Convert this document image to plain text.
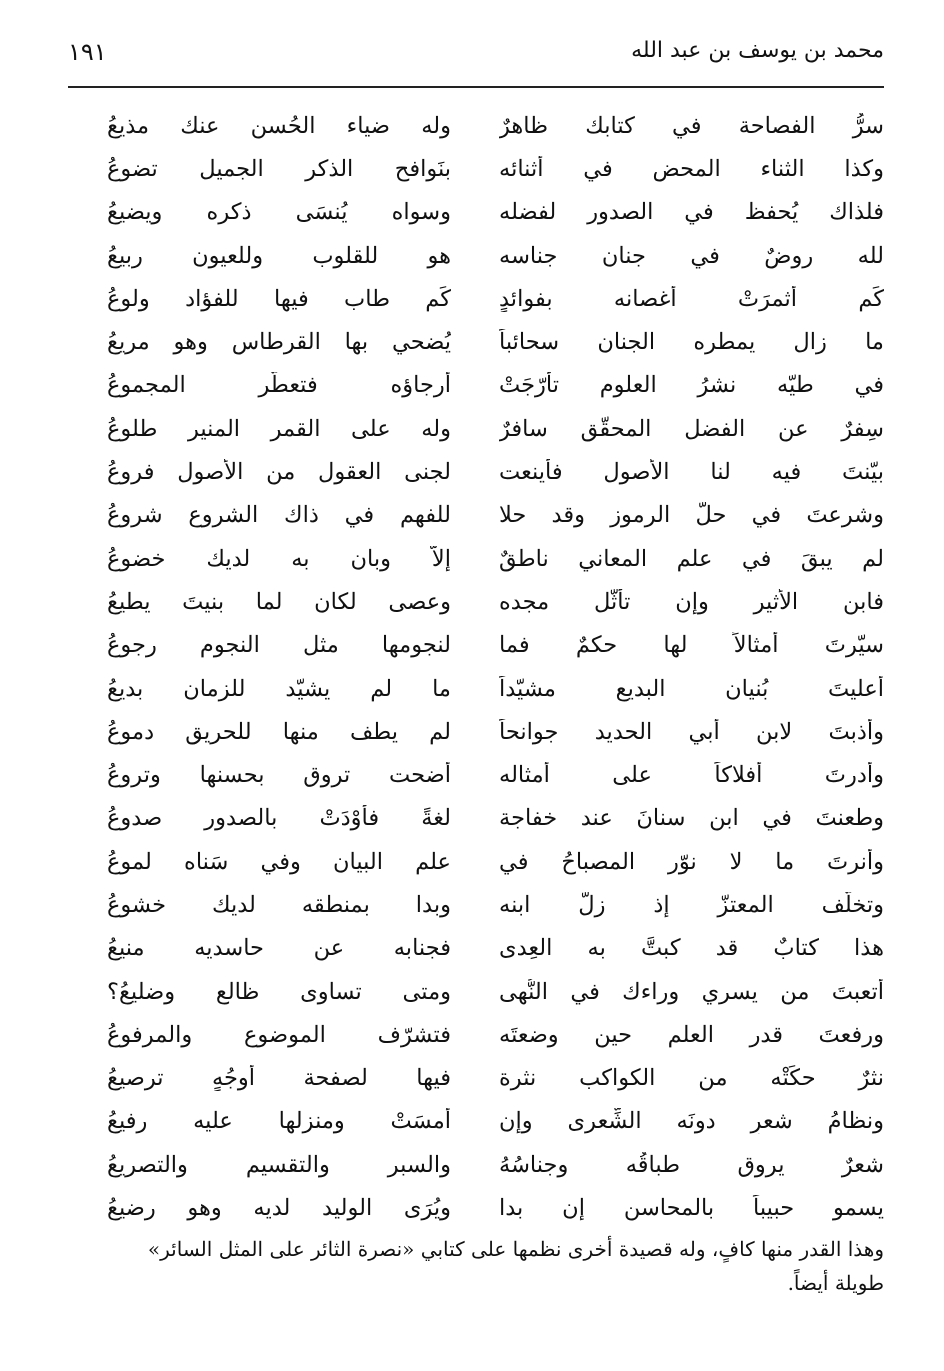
محمد بن يوسف بن عبد الله
١٩١
سرُّ الفصاحة في كتابك ظاهرٌ
وله ضياء الحُسن عنك مذيعُ
وكذا الثناء المحض في أثنائه
بنَوافح الذكر الجميل تضوعُ
فلذاك يُحفظ في الصدور لفضله
وسواه يُنسَى ذكره ويضيعُ
لله روضٌ في جنان جناسه
هو للقلوب وللعيون ربيعُ
كَم أثمرَتْ أغصانه بفوائدٍ
كَم طاب فيها للفؤاد ولوعُ
ما زال يمطره الجنان سحائباً
يُضحي بها القرطاس وهو مريعُ
في طيّه نشرُ العلوم تأرّجَتْ
أرجاؤه فتعطّر المجموعُ
سِفرٌ عن الفضل المحقّق سافرٌ
وله على القمر المنير طلوعُ
بيّنتَ فيه لنا الأصول فأينعت
لجنى العقول من الأصول فروعُ
وشرعتَ في حلّ الرموز وقد حلا
للفهم في ذاك الشروع شروعُ
لم يبقَ في علم المعاني ناطقٌ
إلاّ وبان به لديك خضوعُ
فابن الأثير وإن تأثّل مجده
وعصى لكان لما بنيتَ يطيعُ
سيّرتَ أمثالاً لها حكمٌ فما
لنجومها مثل النجوم رجوعُ
أعليتَ بُنيان البديع مشيّداً
ما لم يشيّد للزمان بديعُ
وأذبتَ لابن أبي الحديد جوانحاً
لم يطف منها للحريق دموعُ
وأدرتَ أفلاكاً على أمثاله
أضحت تروق بحسنها وتروعُ
وطعنتَ في ابن سنانَ عند خفاجة
لغةً فأوْدَتْ بالصدور صدوعُ
وأنرتَ ما لا نوّر المصباحُ في
علم البيان وفي سَناه لموعُ
وتخلّف المعتزّ إذ زلّ ابنه
وبدا بمنطقه لديك خشوعُ
هذا كتابٌ قد كبتَّ به العِدى
فجنابه عن حاسديه منيعُ
أتعبتَ من يسري وراءك في النُّهى
ومتى تساوى ظالع وضليعُ؟
ورفعتَ قدر العلم حين وضعتَه
فتشرّف الموضوع والمرفوعُ
نثرٌ حكَتْه من الكواكب نثرة
فيها لصفحة أوجُهٍ ترصيعُ
ونظامُ شعرٍ دونَه الشِّعرى وإن
أمسَتْ ومنزلها عليه رفيعُ
شعرٌ يروق طباقُه وجناسُهُ
والسبر والتقسيم والتصريعُ
يسمو حبيباً بالمحاسن إن بدا
ويُرَى الوليد لديه وهو رضيعُ
وهذا القدر منها كافٍ، وله قصيدة أخرى نظمها على كتابي «نصرة الثائر على المثل السائر»
طويلة أيضاً.
